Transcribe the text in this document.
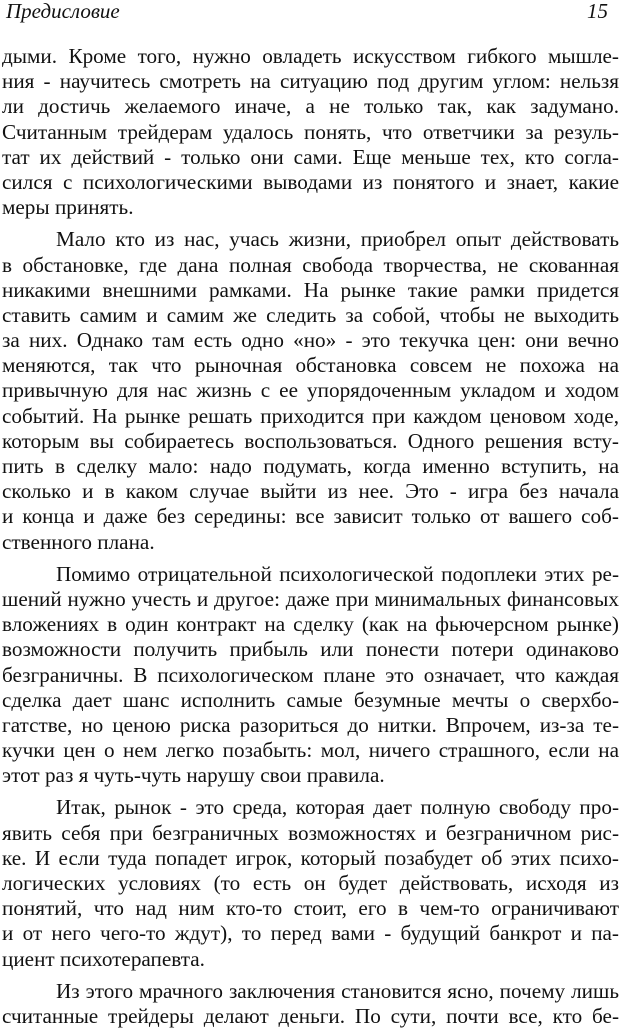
Предисловие	15

дыми. Кроме того, нужно овладеть искусством гибкого мышле-
ния - научитесь смотреть на ситуацию под другим углом: нельзя
ли достичь желаемого иначе, а не только так, как задумано.
Считанным трейдерам удалось понять, что ответчики за резуль-
тат их действий - только они сами. Еще меньше тех, кто согла-
сился с психологическими выводами из понятого и знает, какие
меры принять.

Мало кто из нас, учась жизни, приобрел опыт действовать
в обстановке, где дана полная свобода творчества, не скованная
никакими внешними рамками. На рынке такие рамки придется
ставить самим и самим же следить за собой, чтобы не выходить
за них. Однако там есть одно «но» - это текучка цен: они вечно
меняются, так что рыночная обстановка совсем не похожа на
привычную для нас жизнь с ее упорядоченным укладом и ходом
событий. На рынке решать приходится при каждом ценовом ходе,
которым вы собираетесь воспользоваться. Одного решения всту-
пить в сделку мало: надо подумать, когда именно вступить, на
сколько и в каком случае выйти из нее. Это - игра без начала
и конца и даже без середины: все зависит только от вашего соб-
ственного плана.

Помимо отрицательной психологической подоплеки этих ре-
шений нужно учесть и другое: даже при минимальных финансовых
вложениях в один контракт на сделку (как на фьючерсном рынке)
возможности получить прибыль или понести потери одинаково
безграничны. В психологическом плане это означает, что каждая
сделка дает шанс исполнить самые безумные мечты о сверхбо-
гатстве, но ценою риска разориться до нитки. Впрочем, из-за те-
кучки цен о нем легко позабыть: мол, ничего страшного, если на
этот раз я чуть-чуть нарушу свои правила.

Итак, рынок - это среда, которая дает полную свободу про-
явить себя при безграничных возможностях и безграничном рис-
ке. И если туда попадет игрок, который позабудет об этих психо-
логических условиях (то есть он будет действовать, исходя из
понятий, что над ним кто-то стоит, его в чем-то ограничивают
и от него чего-то ждут), то перед вами - будущий банкрот и па-
циент психотерапевта.

Из этого мрачного заключения становится ясно, почему лишь
считанные трейдеры делают деньги. По сути, почти все, кто бе-
